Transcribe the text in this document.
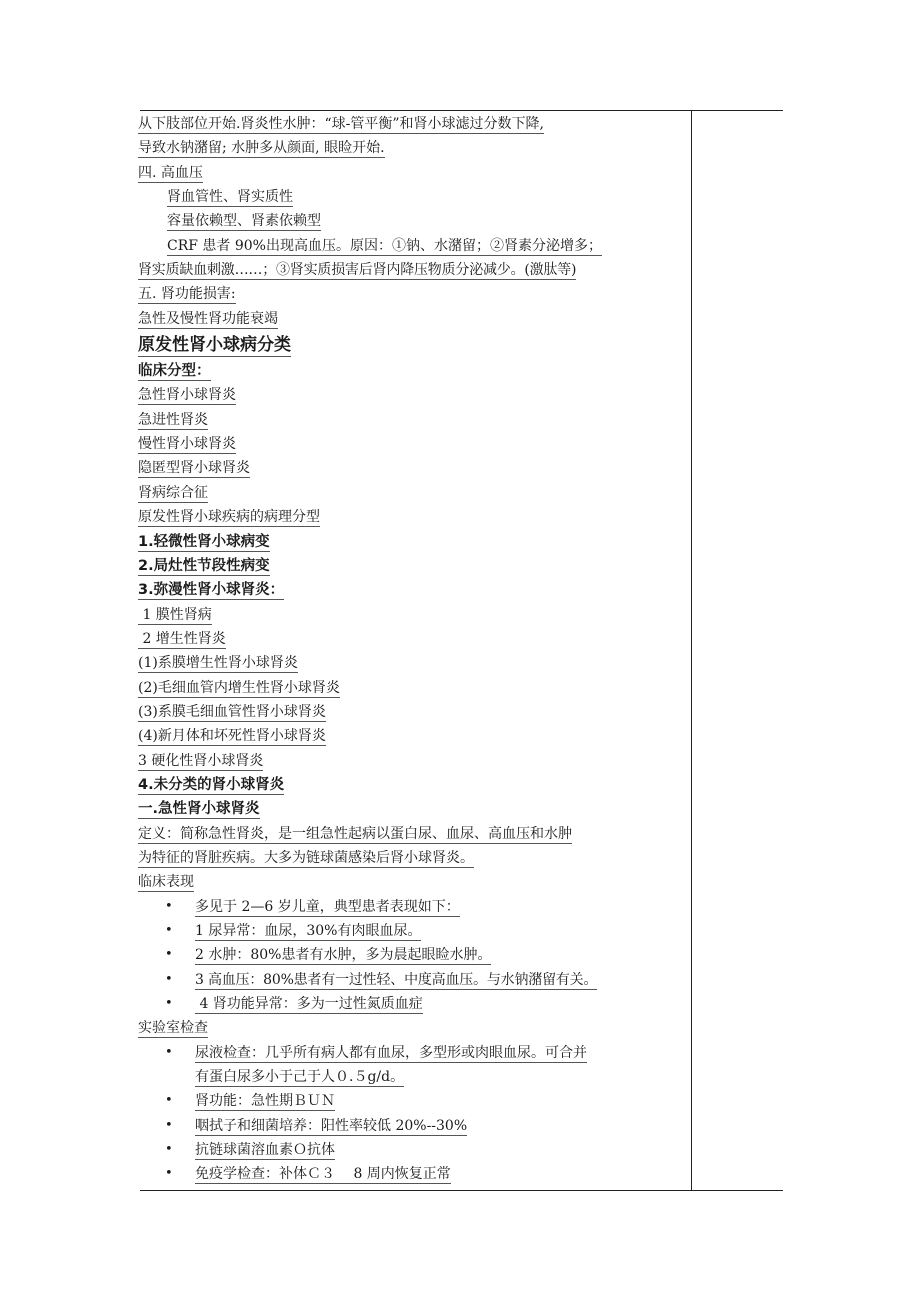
从下肢部位开始.肾炎性水肿：“球-管平衡”和肾小球滤过分数下降,
导致水钠潴留; 水肿多从颜面, 眼睑开始.
四. 高血压
肾血管性、肾实质性
容量依赖型、肾素依赖型
CRF 患者 90%出现高血压。原因：①钠、水潴留；②肾素分泌增多；
肾实质缺血刺激……；③肾实质损害后肾内降压物质分泌减少。(激肽等)
五. 肾功能损害:
急性及慢性肾功能衰竭
原发性肾小球病分类
临床分型：
急性肾小球肾炎
急进性肾炎
慢性肾小球肾炎
隐匿型肾小球肾炎
肾病综合征
原发性肾小球疾病的病理分型
1.轻微性肾小球病变
2.局灶性节段性病变
3.弥漫性肾小球肾炎：
1 膜性肾病
2 增生性肾炎
(1)系膜增生性肾小球肾炎
(2)毛细血管内增生性肾小球肾炎
(3)系膜毛细血管性肾小球肾炎
(4)新月体和坏死性肾小球肾炎
3 硬化性肾小球肾炎
4.未分类的肾小球肾炎
一.急性肾小球肾炎
定义：简称急性肾炎，是一组急性起病以蛋白尿、血尿、高血压和水肿
为特征的肾脏疾病。大多为链球菌感染后肾小球肾炎。
临床表现
• 多见于 2—6 岁儿童，典型患者表现如下：
• 1 尿异常：血尿，30%有肉眼血尿。
• 2 水肿：80%患者有水肿，多为晨起眼睑水肿。
• 3 高血压：80%患者有一过性轻、中度高血压。与水钠潴留有关。
• 4 肾功能异常：多为一过性氮质血症
实验室检查
• 尿液检查：几乎所有病人都有血尿，多型形或肉眼血尿。可合并
有蛋白尿多小于己于人０.５g/d。
• 肾功能：急性期ＢＵＮ
• 咽拭子和细菌培养：阳性率较低 20%--30%
• 抗链球菌溶血素Ｏ抗体
• 免疫学检查：补体Ｃ３　 8 周内恢复正常
